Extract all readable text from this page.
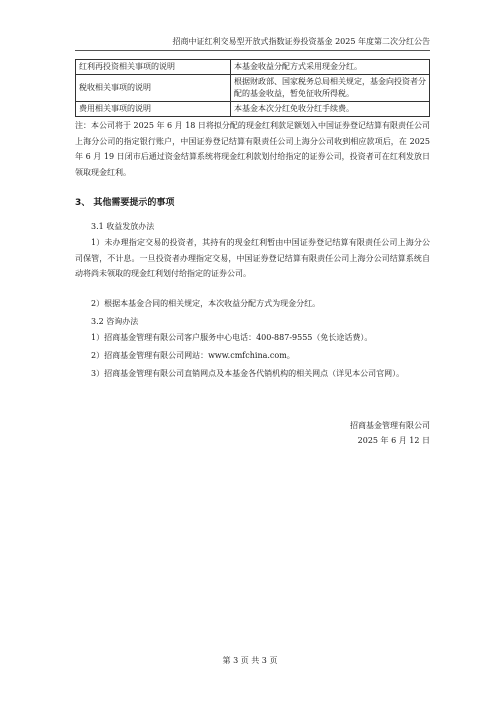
招商中证红利交易型开放式指数证券投资基金 2025 年度第二次分红公告
红利再投资相关事项的说明	本基金收益分配方式采用现金分红。
税收相关事项的说明	根据财政部、国家税务总局相关规定，基金向投资者分配的基金收益，暂免征收所得税。
费用相关事项的说明	本基金本次分红免收分红手续费。

注：本公司将于 2025 年 6 月 18 日将拟分配的现金红利款足额划入中国证券登记结算有限责任公司上海分公司的指定银行账户，中国证券登记结算有限责任公司上海分公司收到相应款项后，在 2025 年 6 月 19 日闭市后通过资金结算系统将现金红利款划付给指定的证券公司，投资者可在红利发放日领取现金红利。

3、 其他需要提示的事项

3.1 收益发放办法

1）未办理指定交易的投资者，其持有的现金红利暂由中国证券登记结算有限责任公司上海分公司保管，不计息。一旦投资者办理指定交易，中国证券登记结算有限责任公司上海分公司结算系统自动将尚未领取的现金红利划付给指定的证券公司。

2）根据本基金合同的相关规定，本次收益分配方式为现金分红。

3.2 咨询办法

1）招商基金管理有限公司客户服务中心电话：400-887-9555（免长途话费）。

2）招商基金管理有限公司网站：www.cmfchina.com。

3）招商基金管理有限公司直销网点及本基金各代销机构的相关网点（详见本公司官网）。

招商基金管理有限公司
2025 年 6 月 12 日
第 3 页 共 3 页
